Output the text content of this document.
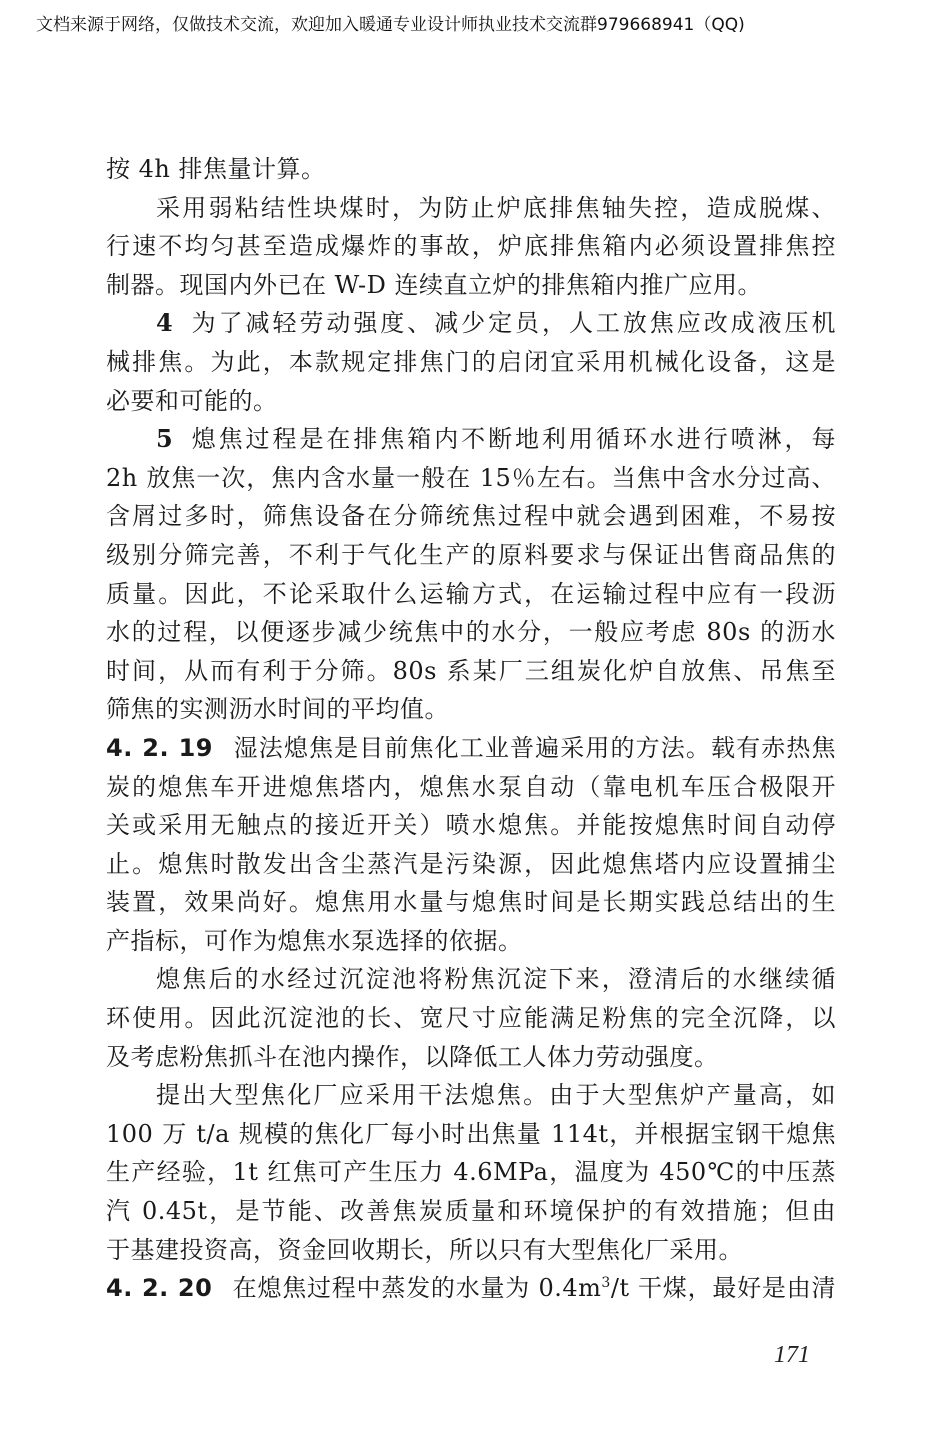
文档来源于网络，仅做技术交流，欢迎加入暖通专业设计师执业技术交流群979668941（QQ)
按 4h 排焦量计算。
采用弱粘结性块煤时，为防止炉底排焦轴失控，造成脱煤、
行速不均匀甚至造成爆炸的事故，炉底排焦箱内必须设置排焦控
制器。现国内外已在 W-D 连续直立炉的排焦箱内推广应用。
4 为了减轻劳动强度、减少定员，人工放焦应改成液压机
械排焦。为此，本款规定排焦门的启闭宜采用机械化设备，这是
必要和可能的。
5 熄焦过程是在排焦箱内不断地利用循环水进行喷淋，每
2h 放焦一次，焦内含水量一般在 15％左右。当焦中含水分过高、
含屑过多时，筛焦设备在分筛统焦过程中就会遇到困难，不易按
级别分筛完善，不利于气化生产的原料要求与保证出售商品焦的
质量。因此，不论采取什么运输方式，在运输过程中应有一段沥
水的过程，以便逐步减少统焦中的水分，一般应考虑 80s 的沥水
时间，从而有利于分筛。80s 系某厂三组炭化炉自放焦、吊焦至
筛焦的实测沥水时间的平均值。
4. 2. 19 湿法熄焦是目前焦化工业普遍采用的方法。载有赤热焦
炭的熄焦车开进熄焦塔内，熄焦水泵自动（靠电机车压合极限开
关或采用无触点的接近开关）喷水熄焦。并能按熄焦时间自动停
止。熄焦时散发出含尘蒸汽是污染源，因此熄焦塔内应设置捕尘
装置，效果尚好。熄焦用水量与熄焦时间是长期实践总结出的生
产指标，可作为熄焦水泵选择的依据。
熄焦后的水经过沉淀池将粉焦沉淀下来，澄清后的水继续循
环使用。因此沉淀池的长、宽尺寸应能满足粉焦的完全沉降，以
及考虑粉焦抓斗在池内操作，以降低工人体力劳动强度。
提出大型焦化厂应采用干法熄焦。由于大型焦炉产量高，如
100 万 t/a 规模的焦化厂每小时出焦量 114t，并根据宝钢干熄焦
生产经验，1t 红焦可产生压力 4.6MPa，温度为 450℃的中压蒸
汽 0.45t，是节能、改善焦炭质量和环境保护的有效措施；但由
于基建投资高，资金回收期长，所以只有大型焦化厂采用。
4. 2. 20 在熄焦过程中蒸发的水量为 $0.4m^3/t$ 干煤，最好是由清
171
